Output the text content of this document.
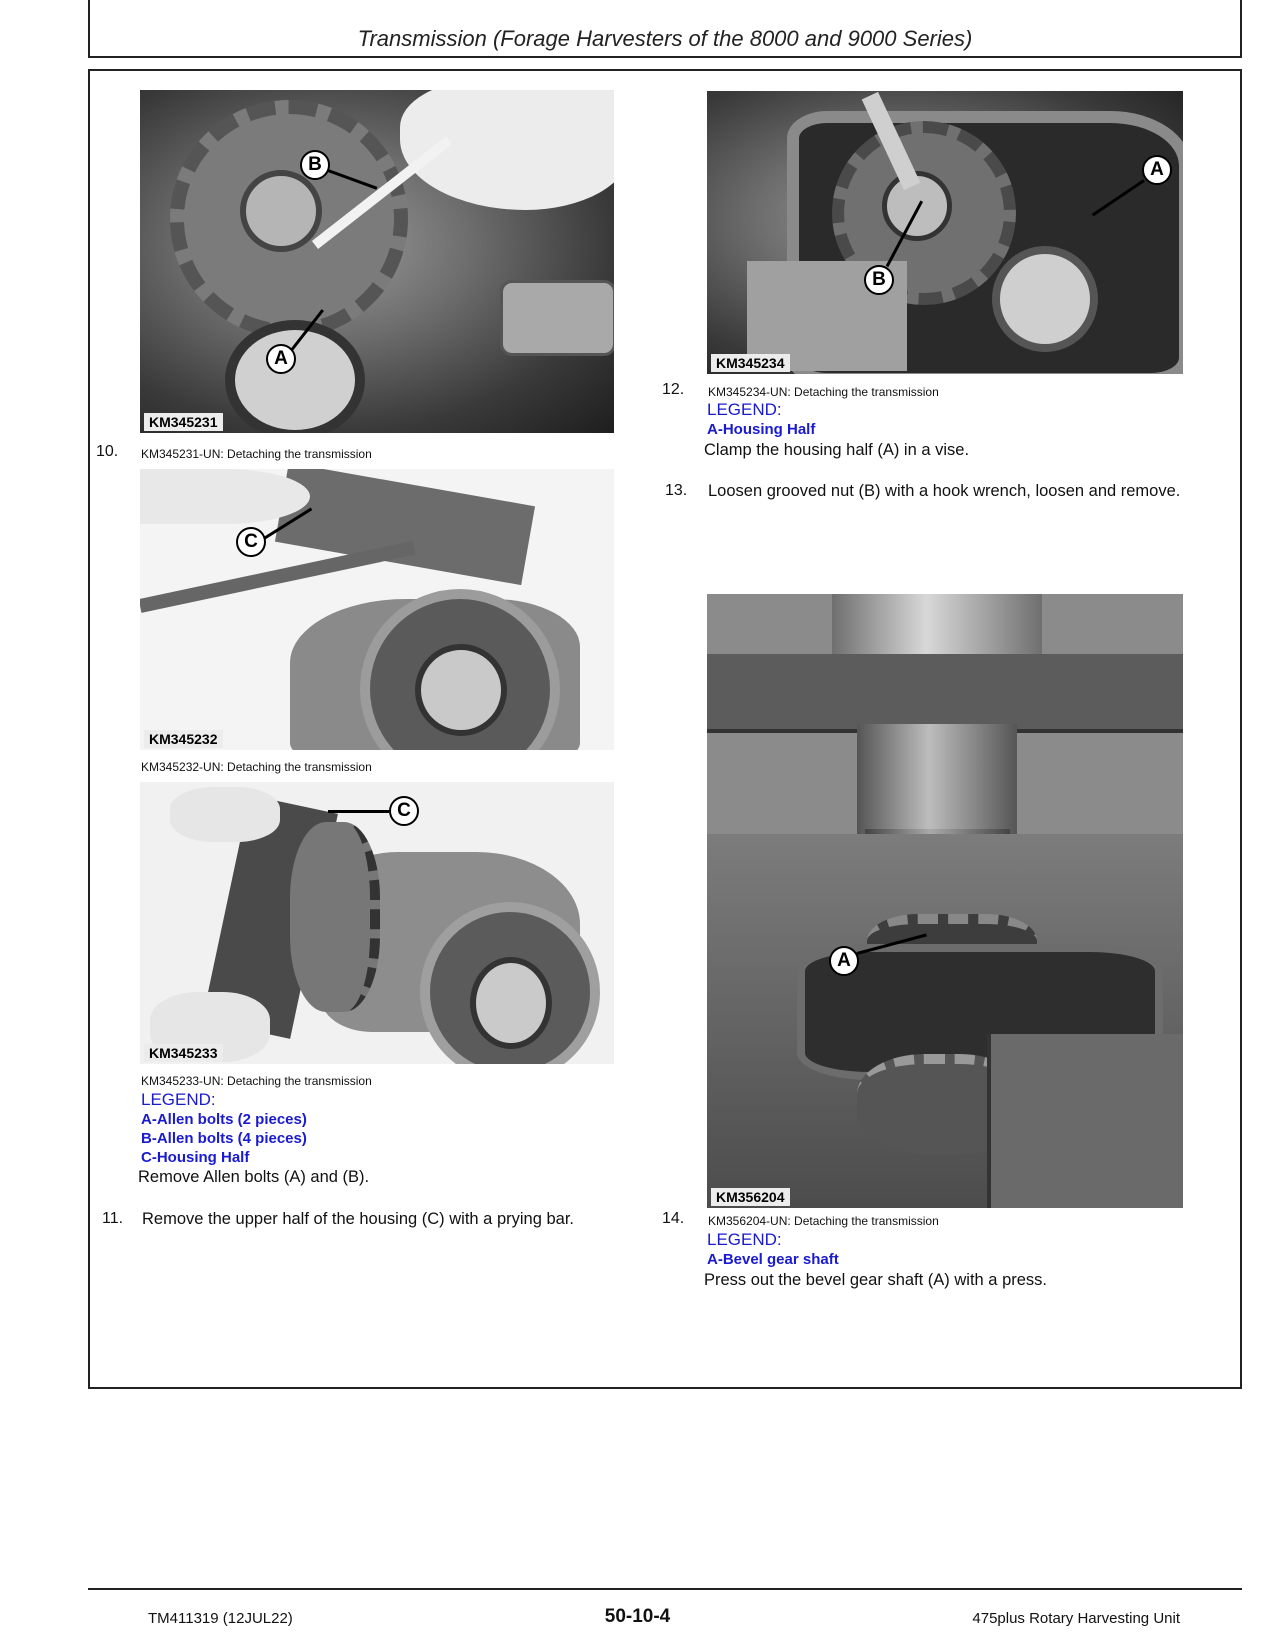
Transmission (Forage Harvesters of the 8000 and 9000 Series)
B
A
KM345231
10. KM345231-UN: Detaching the transmission
C
KM345232
KM345232-UN: Detaching the transmission
C
KM345233
KM345233-UN: Detaching the transmission
LEGEND:
A-Allen bolts (2 pieces)
B-Allen bolts (4 pieces)
C-Housing Half
Remove Allen bolts (A) and (B).
11. Remove the upper half of the housing (C) with a prying bar.
A
B
KM345234
12. KM345234-UN: Detaching the transmission
LEGEND:
A-Housing Half
Clamp the housing half (A) in a vise.
13. Loosen grooved nut (B) with a hook wrench, loosen and remove.
A
KM356204
14. KM356204-UN: Detaching the transmission
LEGEND:
A-Bevel gear shaft
Press out the bevel gear shaft (A) with a press.
TM411319 (12JUL22)	50-10-4	475plus Rotary Harvesting Unit
